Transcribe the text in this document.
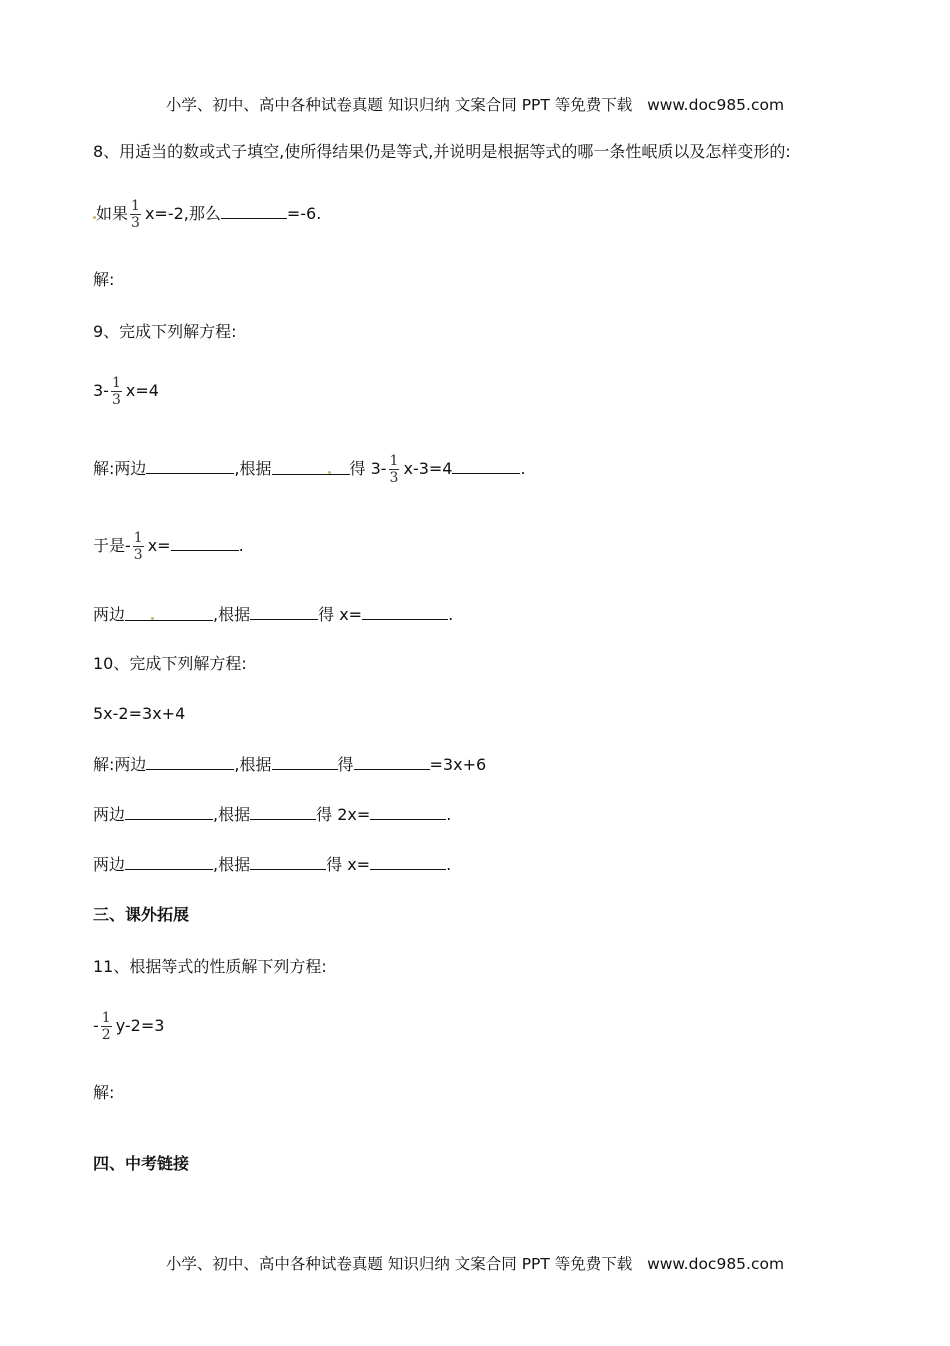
小学、初中、高中各种试卷真题 知识归纳 文案合同 PPT 等免费下载 www.doc985.com
8、用适当的数或式子填空,使所得结果仍是等式,并说明是根据等式的哪一条性岷质以及怎样变形的:
如果 $\frac{1}{3} x=-2$,那么	=-6.
解:
9、完成下列解方程:
$3- \frac{1}{3} x=4$
解:两边	,根据	得 $3- \frac{1}{3} x-3=4$	.
于是- $\frac{1}{3} x=$	.
两边	,根据	得 x=	.
10、完成下列解方程:
5x-2=3x+4
解:两边	,根据	得	=3x+6
两边	,根据	得 2x=	.
两边	,根据	得 x=	.
三、课外拓展
11、根据等式的性质解下列方程:
- $\frac{1}{2} y-2=3$
解:
四、中考链接
小学、初中、高中各种试卷真题 知识归纳 文案合同 PPT 等免费下载 www.doc985.com
